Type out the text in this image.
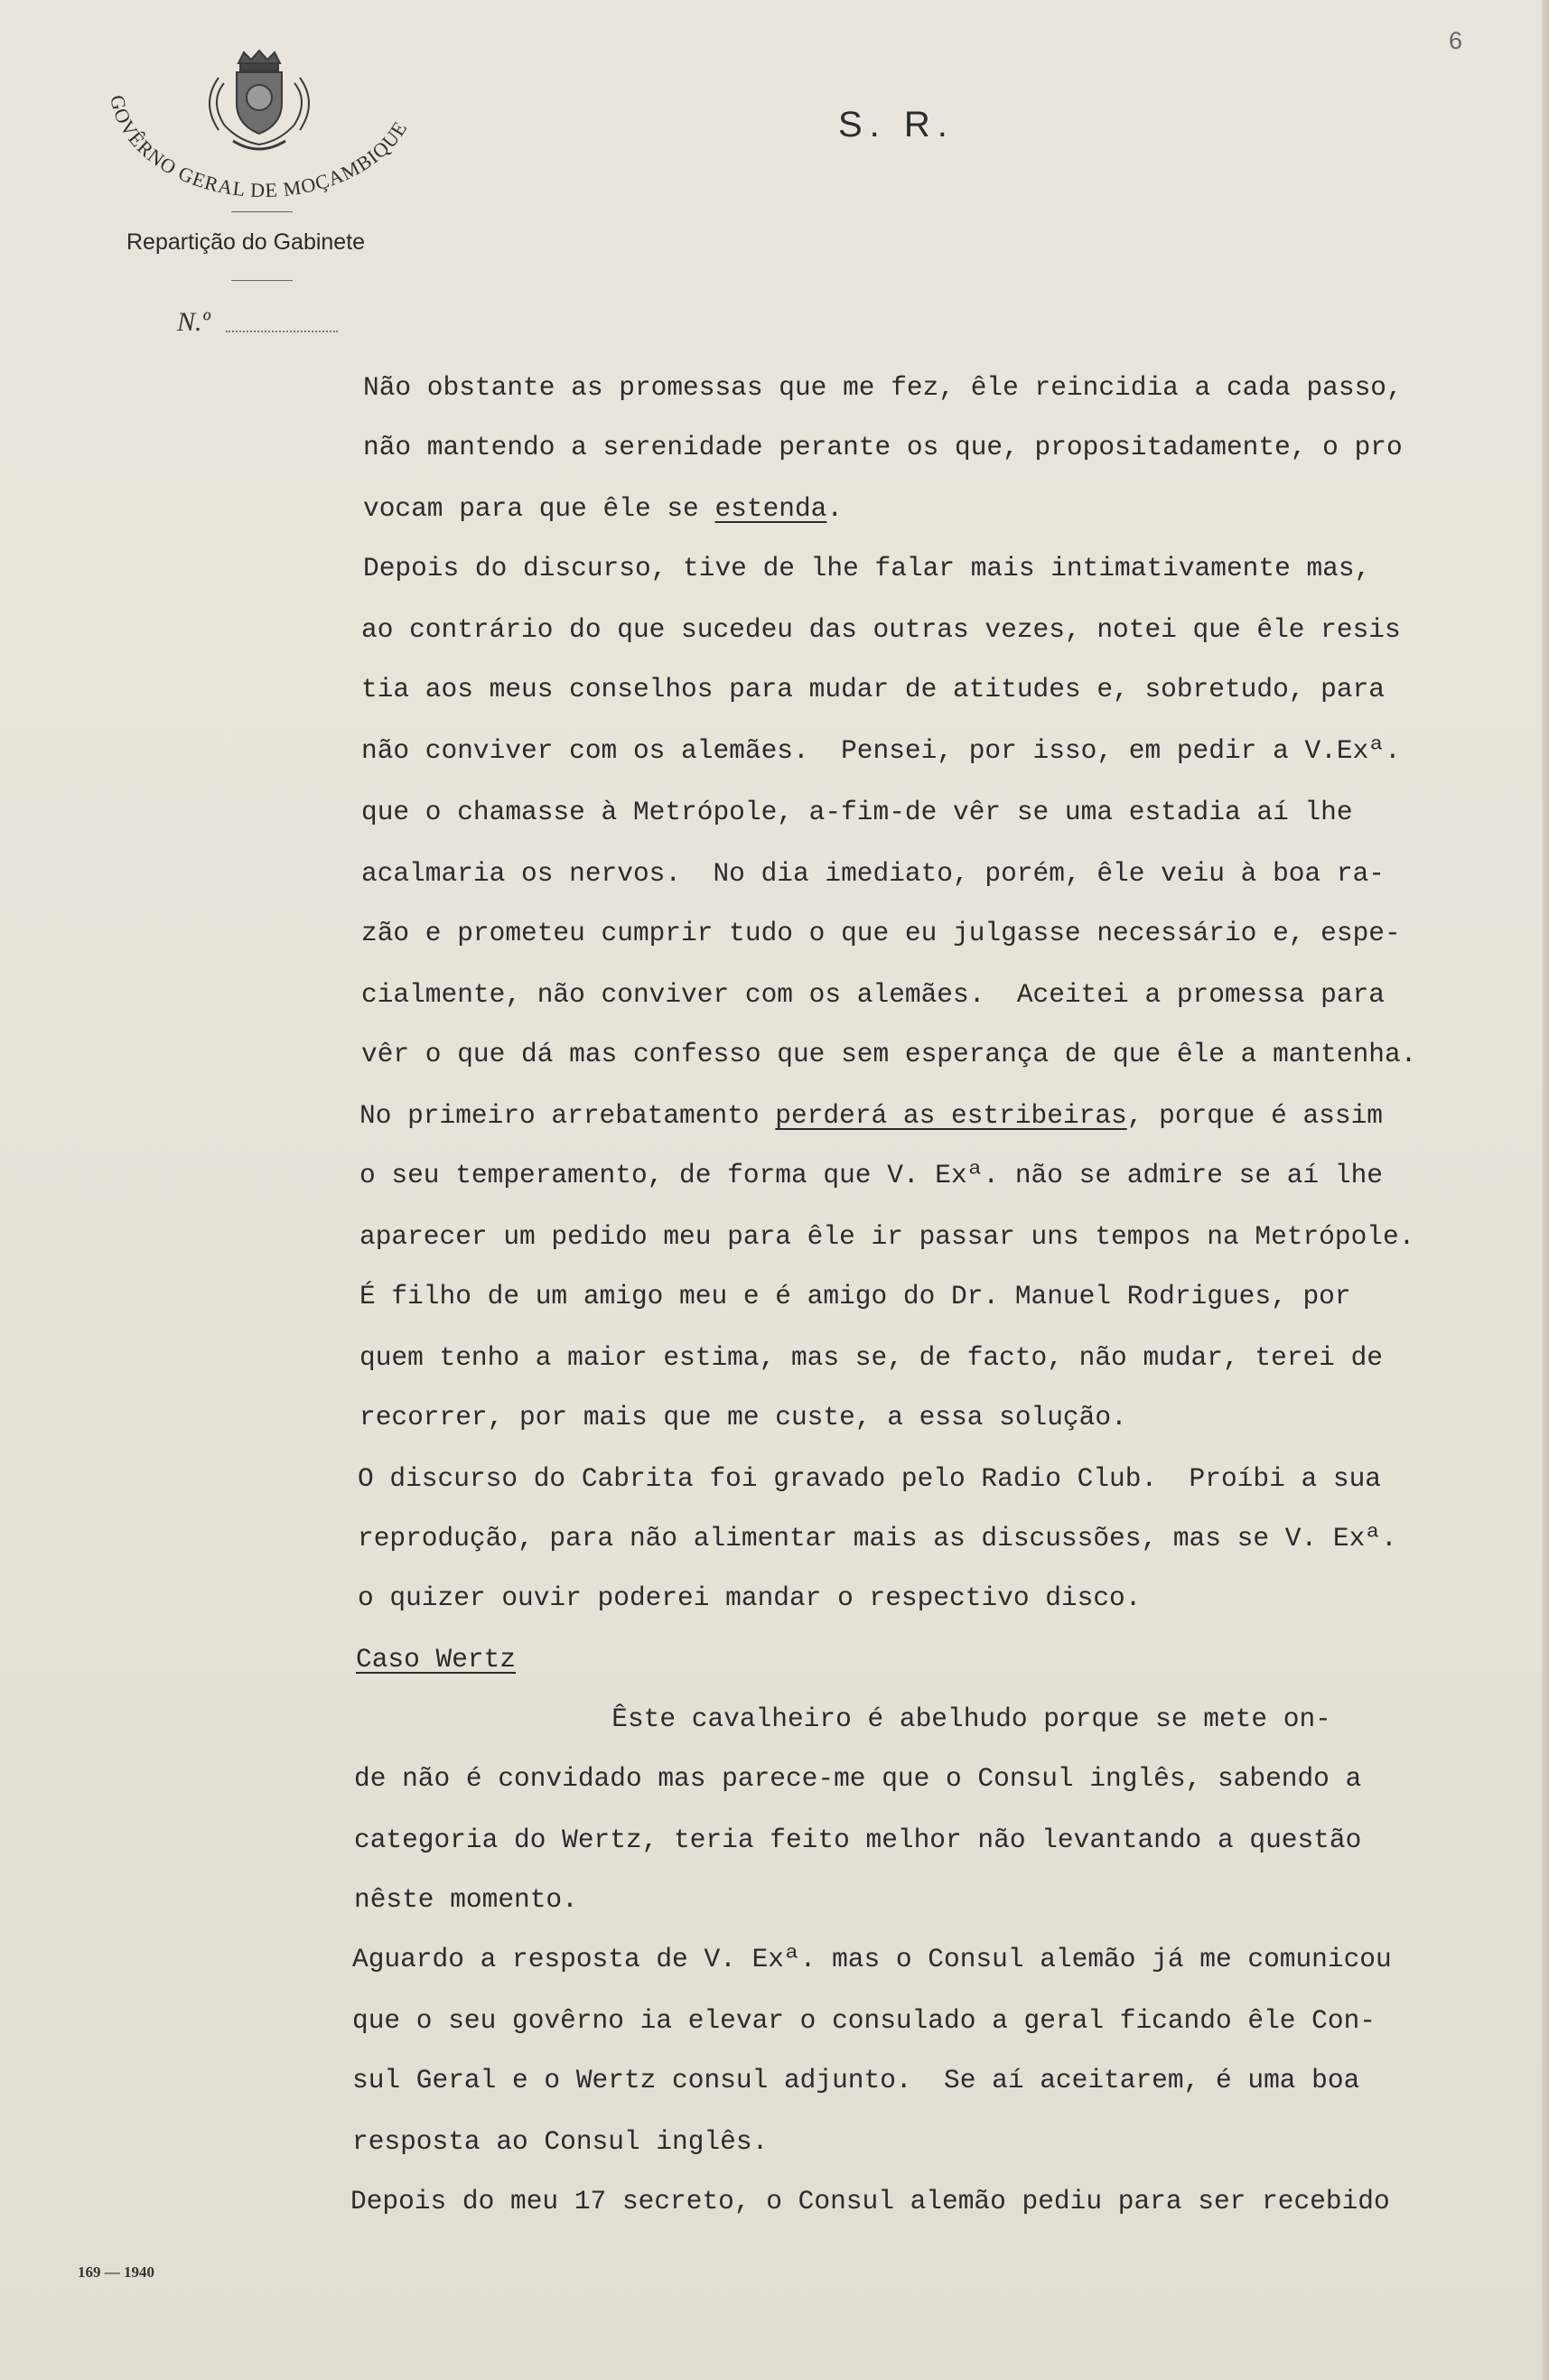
6
GOVÊRNO GERAL DE MOÇAMBIQUE	S. R.
Repartição do Gabinete
N.º
Não obstante as promessas que me fez, êle reincidia a cada passo,
não mantendo a serenidade perante os que, propositadamente, o pro
vocam para que êle se estenda.
Depois do discurso, tive de lhe falar mais intimativamente mas,
ao contrário do que sucedeu das outras vezes, notei que êle resis
tia aos meus conselhos para mudar de atitudes e, sobretudo, para
não conviver com os alemães.  Pensei, por isso, em pedir a V.Exª.
que o chamasse à Metrópole, a-fim-de vêr se uma estadia aí lhe
acalmaria os nervos.  No dia imediato, porém, êle veiu à boa ra-
zão e prometeu cumprir tudo o que eu julgasse necessário e, espe-
cialmente, não conviver com os alemães.  Aceitei a promessa para
vêr o que dá mas confesso que sem esperança de que êle a mantenha.
No primeiro arrebatamento perderá as estribeiras, porque é assim
o seu temperamento, de forma que V. Exª. não se admire se aí lhe
aparecer um pedido meu para êle ir passar uns tempos na Metrópole.
É filho de um amigo meu e é amigo do Dr. Manuel Rodrigues, por
quem tenho a maior estima, mas se, de facto, não mudar, terei de
recorrer, por mais que me custe, a essa solução.
O discurso do Cabrita foi gravado pelo Radio Club.  Proíbi a sua
reprodução, para não alimentar mais as discussões, mas se V. Exª.
o quizer ouvir poderei mandar o respectivo disco.
Caso Wertz
Êste cavalheiro é abelhudo porque se mete on-
de não é convidado mas parece-me que o Consul inglês, sabendo a
categoria do Wertz, teria feito melhor não levantando a questão
nêste momento.
Aguardo a resposta de V. Exª. mas o Consul alemão já me comunicou
que o seu govêrno ia elevar o consulado a geral ficando êle Con-
sul Geral e o Wertz consul adjunto.  Se aí aceitarem, é uma boa
resposta ao Consul inglês.
Depois do meu 17 secreto, o Consul alemão pediu para ser recebido
169 — 1940
